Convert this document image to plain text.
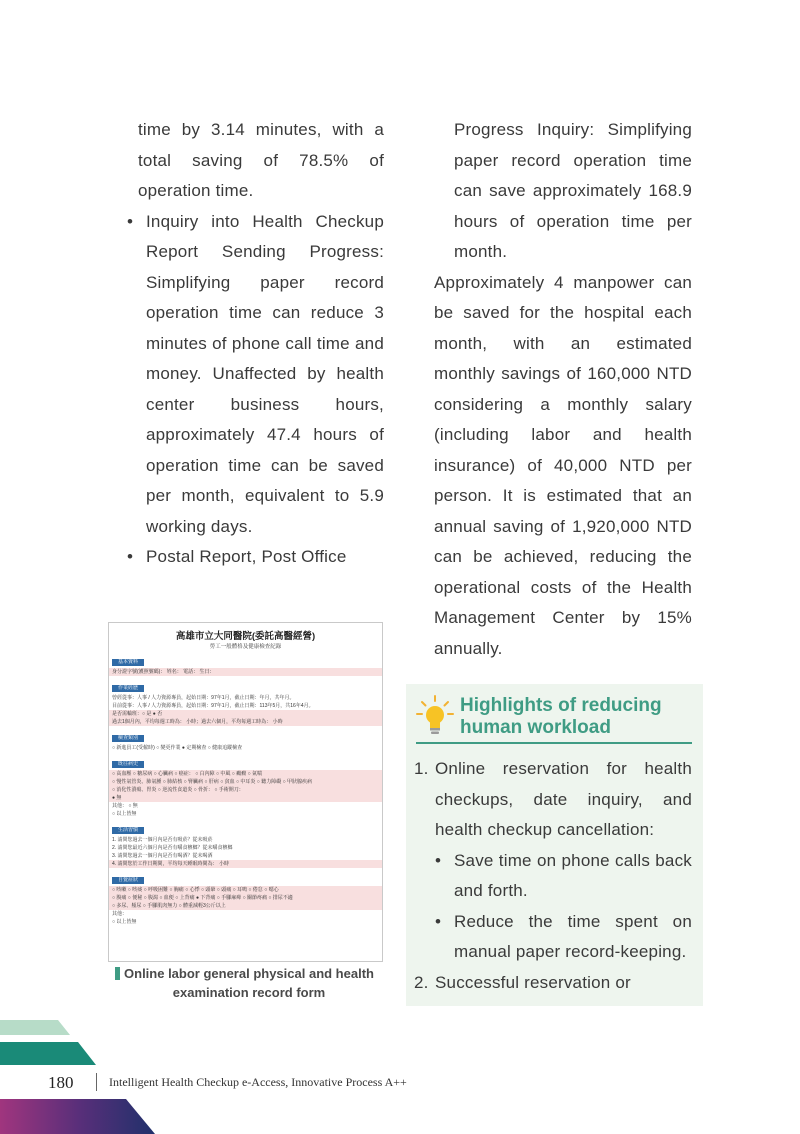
time by 3.14 minutes, with a total saving of 78.5% of operation time.
• Inquiry into Health Checkup Report Sending Progress: Simplifying paper record operation time can reduce 3 minutes of phone call time and money. Unaffected by health center business hours, approximately 47.4 hours of operation time can be saved per month, equivalent to 5.9 working days.
• Postal Report, Post Office
Progress Inquiry: Simplifying paper record operation time can save approximately 168.9 hours of operation time per month.
Approximately 4 manpower can be saved for the hospital each month, with an estimated monthly savings of 160,000 NTD considering a monthly salary (including labor and health insurance) of 40,000 NTD per person. It is estimated that an annual saving of 1,920,000 NTD can be achieved, reducing the operational costs of the Health Management Center by 15% annually.
高雄市立大同醫院(委託高醫經營)
勞工一般體格及健康檢查紀錄
基本資料
身分證字號(護照號碼)： 姓名： 電話： 生日：
作業經歷
曾經從事：人事 / 人力資源專員，起始日期：97年1月，截止日期：年月，共年月。
目前從事：人事 / 人力資源專員，起始日期：97年1月，截止日期：113年5月，共16年4月。
是否需輪班：○ 是 ● 否
過去1個月內，平均每週工時為： 小時；過去六個月，平均每週工時為： 小時
檢查類別
○ 新進員工(受僱時) ○ 變更作業 ● 定期檢查 ○ 健康追蹤檢查
既往病史
○ 高血壓 ○ 糖尿病 ○ 心臟病 ○ 癌症： ○ 白內障 ○ 中風 ○ 癲癇 ○ 氣喘
○ 慢性氣管炎、肺氣腫 ○ 肺結核 ○ 腎臟病 ○ 肝病 ○ 貧血 ○ 中耳炎 ○ 聽力障礙 ○ 甲狀腺疾病
○ 消化性潰瘍、胃炎 ○ 逆流性食道炎 ○ 骨折： ○ 手術開刀：
● 無
其他： ○ 無
○ 以上皆無
生活習慣
1. 請問您過去一個月內是否有吸菸？從未吸菸
2. 請問您最近六個月內是否有嚼食檳榔？從未嚼食檳榔
3. 請問您過去一個月內是否有喝酒？從未喝酒
4. 請問您於工作日期間，平均每天睡眠時間為： 小時
自覺症狀
○ 咳嗽 ○ 咳痰 ○ 呼吸困難 ○ 胸痛 ○ 心悸 ○ 頭暈 ○ 頭痛 ○ 耳鳴 ○ 倦怠 ○ 噁心
○ 腹痛 ○ 便秘 ○ 腹瀉 ○ 血便 ○ 上背痛 ● 下背痛 ○ 手腳麻痺 ○ 關節疼痛 ○ 排尿不適
○ 多尿、頻尿 ○ 手腳肌肉無力 ○ 體重減輕3公斤以上
其他：
○ 以上皆無
Online labor general physical and health examination record form
Highlights of reducing
human workload
1. Online reservation for health checkups, date inquiry, and health checkup cancellation:
• Save time on phone calls back and forth.
• Reduce the time spent on manual paper record-keeping.
2. Successful reservation or
180	Intelligent Health Checkup e-Access, Innovative Process A++
